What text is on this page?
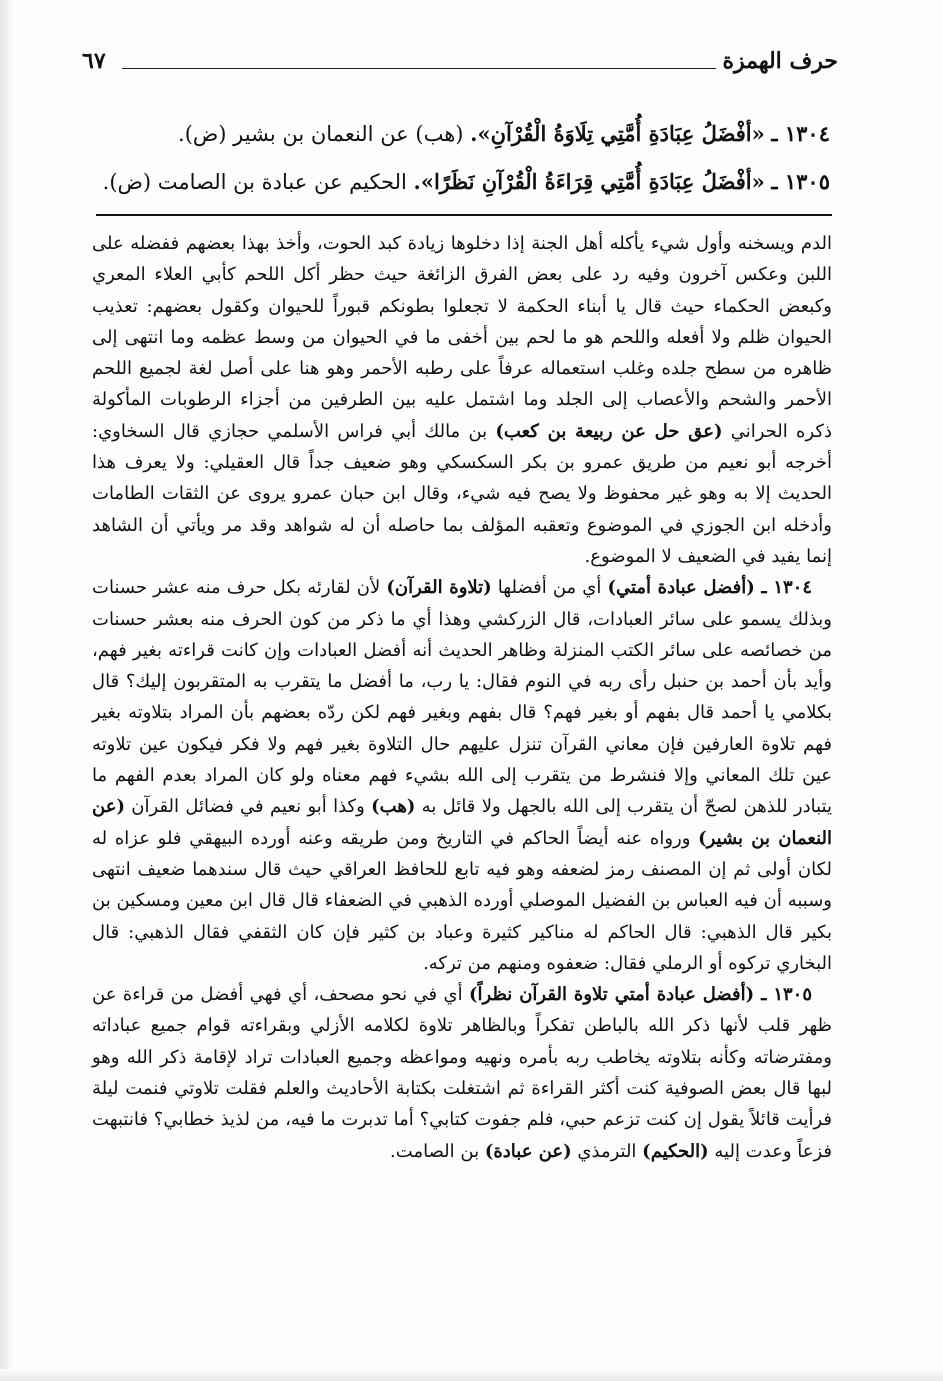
حرف الهمزة
٦٧
١٣٠٤ ـ «أفْضَلُ عِبَادَةِ أُمَّتِي تِلَاوَةُ الْقُرْآنِ». (هب) عن النعمان بن بشير (ض).
١٣٠٥ ـ «أفْضَلُ عِبَادَةِ أُمَّتِي قِرَاءَةُ الْقُرْآنِ نَظَرًا». الحكيم عن عبادة بن الصامت (ض).

الدم ويسخنه وأول شيء يأكله أهل الجنة إذا دخلوها زيادة كبد الحوت، وأخذ بهذا بعضهم ففضله على اللبن وعكس آخرون وفيه رد على بعض الفرق الزائغة حيث حظر أكل اللحم كأبي العلاء المعري وكبعض الحكماء حيث قال يا أبناء الحكمة لا تجعلوا بطونكم قبوراً للحيوان وكقول بعضهم: تعذيب الحيوان ظلم ولا أفعله واللحم هو ما لحم بين أخفى ما في الحيوان من وسط عظمه وما انتهى إلى ظاهره من سطح جلده وغلب استعماله عرفاً على رطبه الأحمر وهو هنا على أصل لغة لجميع اللحم الأحمر والشحم والأعصاب إلى الجلد وما اشتمل عليه بين الطرفين من أجزاء الرطوبات المأكولة ذكره الحراني (عق حل عن ربيعة بن كعب) بن مالك أبي فراس الأسلمي حجازي قال السخاوي: أخرجه أبو نعيم من طريق عمرو بن بكر السكسكي وهو ضعيف جداً قال العقيلي: ولا يعرف هذا الحديث إلا به وهو غير محفوظ ولا يصح فيه شيء، وقال ابن حبان عمرو يروى عن الثقات الطامات وأدخله ابن الجوزي في الموضوع وتعقبه المؤلف بما حاصله أن له شواهد وقد مر ويأتي أن الشاهد إنما يفيد في الضعيف لا الموضوع.

١٣٠٤ ـ (أفضل عبادة أمتي) أي من أفضلها (تلاوة القرآن) لأن لقارئه بكل حرف منه عشر حسنات وبذلك يسمو على سائر العبادات، قال الزركشي وهذا أي ما ذكر من كون الحرف منه بعشر حسنات من خصائصه على سائر الكتب المنزلة وظاهر الحديث أنه أفضل العبادات وإن كانت قراءته بغير فهم، وأيد بأن أحمد بن حنبل رأى ربه في النوم فقال: يا رب، ما أفضل ما يتقرب به المتقربون إليك؟ قال بكلامي يا أحمد قال بفهم أو بغير فهم؟ قال بفهم وبغير فهم لكن ردّه بعضهم بأن المراد بتلاوته بغير فهم تلاوة العارفين فإن معاني القرآن تنزل عليهم حال التلاوة بغير فهم ولا فكر فيكون عين تلاوته عين تلك المعاني وإلا فنشرط من يتقرب إلى الله بشيء فهم معناه ولو كان المراد بعدم الفهم ما يتبادر للذهن لصحّ أن يتقرب إلى الله بالجهل ولا قائل به (هب) وكذا أبو نعيم في فضائل القرآن (عن النعمان بن بشير) ورواه عنه أيضاً الحاكم في التاريخ ومن طريقه وعنه أورده البيهقي فلو عزاه له لكان أولى ثم إن المصنف رمز لضعفه وهو فيه تابع للحافظ العراقي حيث قال سندهما ضعيف انتهى وسببه أن فيه العباس بن الفضيل الموصلي أورده الذهبي في الضعفاء قال قال ابن معين ومسكين بن بكير قال الذهبي: قال الحاكم له مناكير كثيرة وعباد بن كثير فإن كان الثقفي فقال الذهبي: قال البخاري تركوه أو الرملي فقال: ضعفوه ومنهم من تركه.

١٣٠٥ ـ (أفضل عبادة أمتي تلاوة القرآن نظراً) أي في نحو مصحف، أي فهي أفضل من قراءة عن ظهر قلب لأنها ذكر الله بالباطن تفكراً وبالظاهر تلاوة لكلامه الأزلي وبقراءته قوام جميع عباداته ومفترضاته وكأنه بتلاوته يخاطب ربه بأمره ونهيه ومواعظه وجميع العبادات تراد لإقامة ذكر الله وهو لبها قال بعض الصوفية كنت أكثر القراءة ثم اشتغلت بكتابة الأحاديث والعلم فقلت تلاوتي فنمت ليلة فرأيت قائلاً يقول إن كنت تزعم حبي، فلم جفوت كتابي؟ أما تدبرت ما فيه، من لذيذ خطابي؟ فانتبهت فزعاً وعدت إليه (الحكيم) الترمذي (عن عبادة) بن الصامت.
